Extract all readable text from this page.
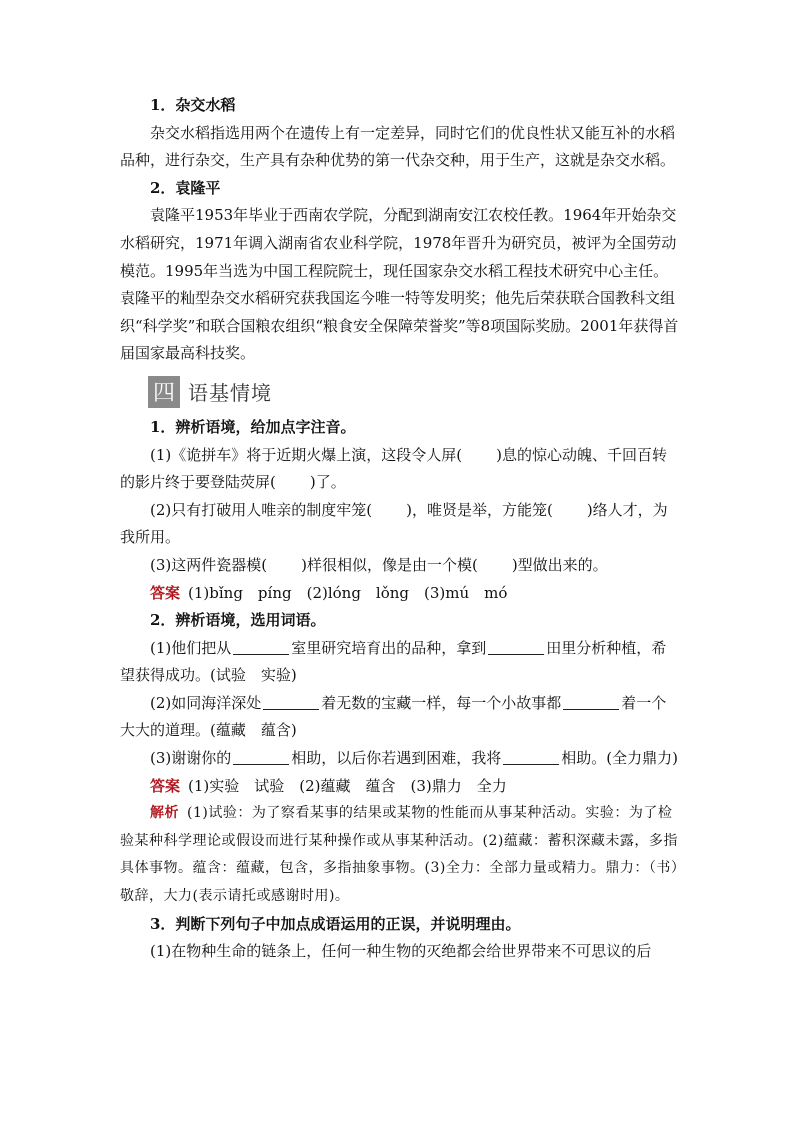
1．杂交水稻

杂交水稻指选用两个在遗传上有一定差异，同时它们的优良性状又能互补的水稻品种，进行杂交，生产具有杂种优势的第一代杂交种，用于生产，这就是杂交水稻。

2．袁隆平

袁隆平1953年毕业于西南农学院，分配到湖南安江农校任教。1964年开始杂交水稻研究，1971年调入湖南省农业科学院，1978年晋升为研究员，被评为全国劳动模范。1995年当选为中国工程院院士，现任国家杂交水稻工程技术研究中心主任。袁隆平的籼型杂交水稻研究获我国迄今唯一特等发明奖；他先后荣获联合国教科文组织“科学奖”和联合国粮农组织“粮食安全保障荣誉奖”等8项国际奖励。2001年获得首届国家最高科技奖。

四 语基情境

1．辨析语境，给加点字注音。

(1)《诡拼车》将于近期火爆上演，这段令人屏( )息的惊心动魄、千回百转的影片终于要登陆荧屏( )了。

(2)只有打破用人唯亲的制度牢笼( )，唯贤是举，方能笼( )络人才，为我所用。

(3)这两件瓷器模( )样很相似，像是由一个模( )型做出来的。

答案 (1)bǐng　píng　(2)lóng　lǒng　(3)mú　mó

2．辨析语境，选用词语。

(1)他们把从	室里研究培育出的品种，拿到	田里分析种植，希望获得成功。(试验　实验)

(2)如同海洋深处	着无数的宝藏一样，每一个小故事都	着一个大大的道理。(蕴藏　蕴含)

(3)谢谢你的	相助，以后你若遇到困难，我将	相助。(全力鼎力)

答案 (1)实验　试验　(2)蕴藏　蕴含　(3)鼎力　全力

解析 (1)试验：为了察看某事的结果或某物的性能而从事某种活动。实验：为了检验某种科学理论或假设而进行某种操作或从事某种活动。(2)蕴藏：蓄积深藏未露，多指具体事物。蕴含：蕴藏，包含，多指抽象事物。(3)全力：全部力量或精力。鼎力：（书）敬辞，大力(表示请托或感谢时用)。

3．判断下列句子中加点成语运用的正误，并说明理由。

(1)在物种生命的链条上，任何一种生物的灭绝都会给世界带来不可思议的后
